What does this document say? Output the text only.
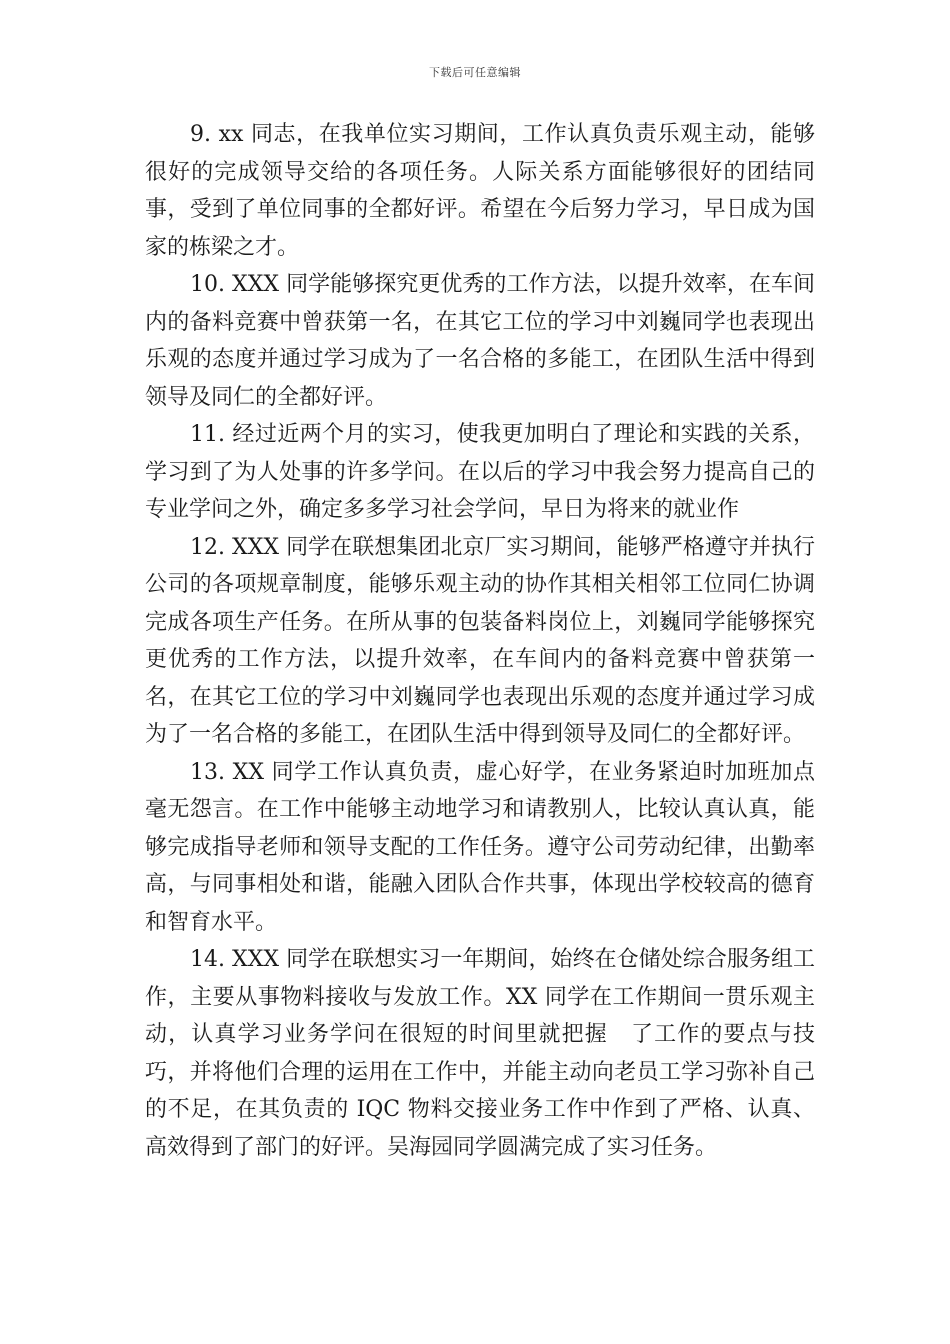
下载后可任意编辑

9. xx 同志，在我单位实习期间，工作认真负责乐观主动，能够很好的完成领导交给的各项任务。人际关系方面能够很好的团结同事，受到了单位同事的全都好评。希望在今后努力学习，早日成为国家的栋梁之才。

10. XXX 同学能够探究更优秀的工作方法，以提升效率，在车间内的备料竞赛中曾获第一名，在其它工位的学习中刘巍同学也表现出乐观的态度并通过学习成为了一名合格的多能工，在团队生活中得到领导及同仁的全都好评。

11. 经过近两个月的实习，使我更加明白了理论和实践的关系，学习到了为人处事的许多学问。在以后的学习中我会努力提高自己的专业学问之外，确定多多学习社会学问，早日为将来的就业作

12. XXX 同学在联想集团北京厂实习期间，能够严格遵守并执行公司的各项规章制度，能够乐观主动的协作其相关相邻工位同仁协调完成各项生产任务。在所从事的包装备料岗位上，刘巍同学能够探究更优秀的工作方法，以提升效率，在车间内的备料竞赛中曾获第一名，在其它工位的学习中刘巍同学也表现出乐观的态度并通过学习成为了一名合格的多能工，在团队生活中得到领导及同仁的全都好评。

13. XX 同学工作认真负责，虚心好学，在业务紧迫时加班加点毫无怨言。在工作中能够主动地学习和请教别人，比较认真认真，能够完成指导老师和领导支配的工作任务。遵守公司劳动纪律，出勤率高，与同事相处和谐，能融入团队合作共事，体现出学校较高的德育和智育水平。

14. XXX 同学在联想实习一年期间，始终在仓储处综合服务组工作，主要从事物料接收与发放工作。XX 同学在工作期间一贯乐观主动，认真学习业务学问在很短的时间里就把握　了工作的要点与技巧，并将他们合理的运用在工作中，并能主动向老员工学习弥补自己的不足，在其负责的 IQC 物料交接业务工作中作到了严格、认真、高效得到了部门的好评。吴海园同学圆满完成了实习任务。
